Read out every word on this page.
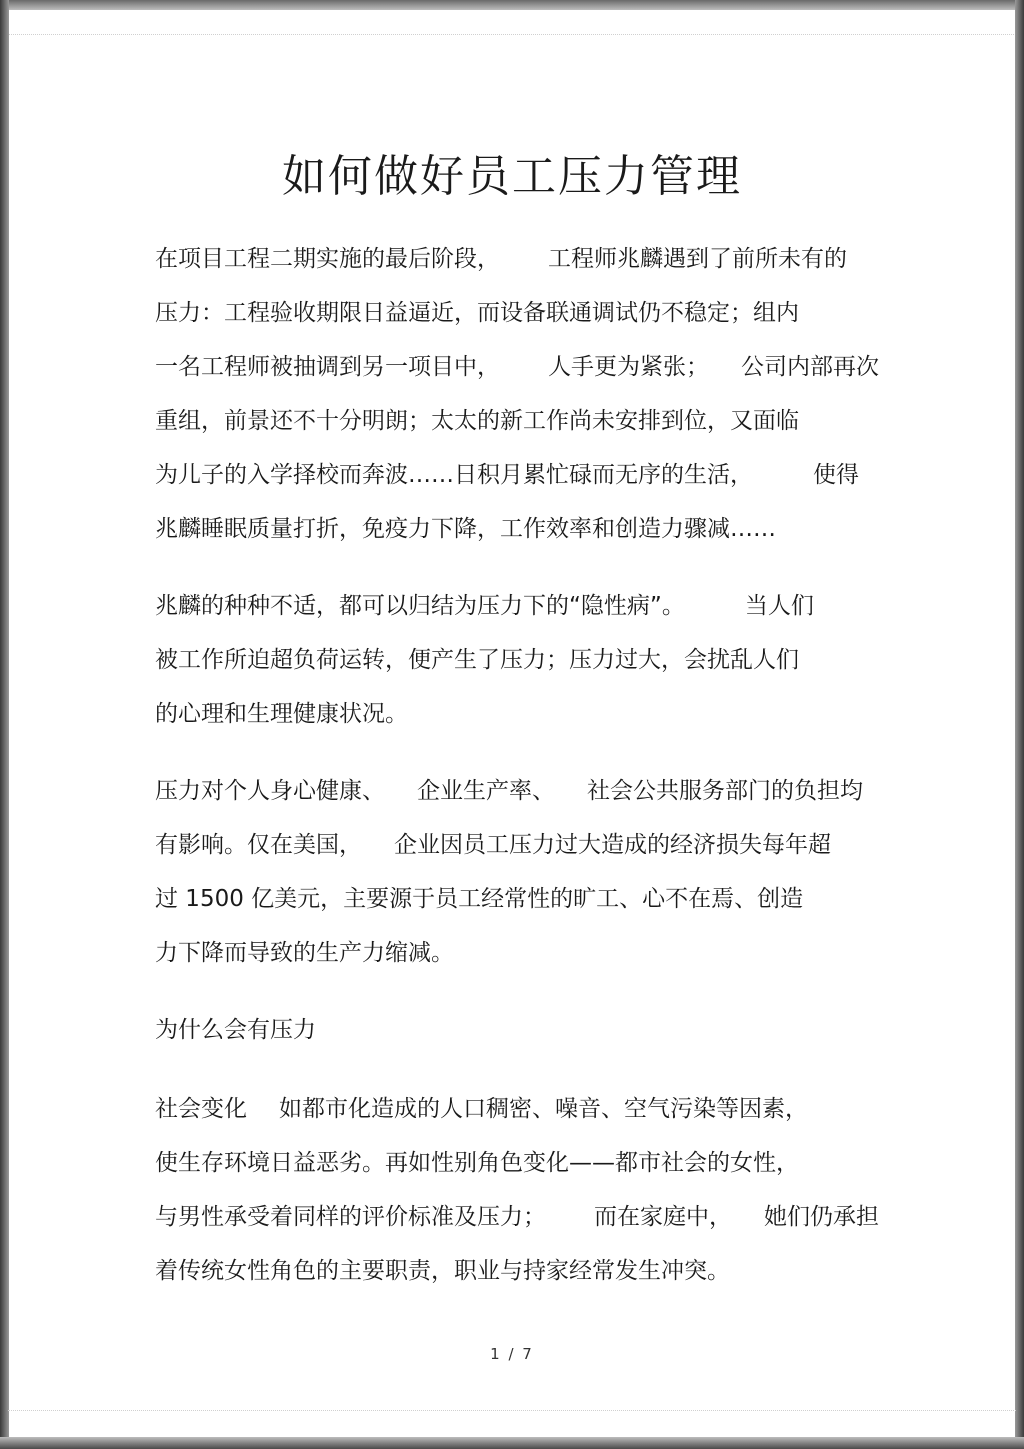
如何做好员工压力管理
在项目工程二期实施的最后阶段， 工程师兆麟遇到了前所未有的
压力：工程验收期限日益逼近，而设备联通调试仍不稳定；组内
一名工程师被抽调到另一项目中， 人手更为紧张； 公司内部再次
重组，前景还不十分明朗；太太的新工作尚未安排到位，又面临
为儿子的入学择校而奔波……日积月累忙碌而无序的生活，	使得
兆麟睡眠质量打折，免疫力下降，工作效率和创造力骤减……
兆麟的种种不适，都可以归结为压力下的“隐性病”。	当人们
被工作所迫超负荷运转，便产生了压力；压力过大，会扰乱人们
的心理和生理健康状况。
压力对个人身心健康、 企业生产率、 社会公共服务部门的负担均
有影响。仅在美国， 企业因员工压力过大造成的经济损失每年超
过 1500 亿美元，主要源于员工经常性的旷工、心不在焉、创造
力下降而导致的生产力缩减。
为什么会有压力
社会变化 如都市化造成的人口稠密、噪音、空气污染等因素，
使生存环境日益恶劣。再如性别角色变化——都市社会的女性，
与男性承受着同样的评价标准及压力； 而在家庭中， 她们仍承担
着传统女性角色的主要职责，职业与持家经常发生冲突。
1 / 7
